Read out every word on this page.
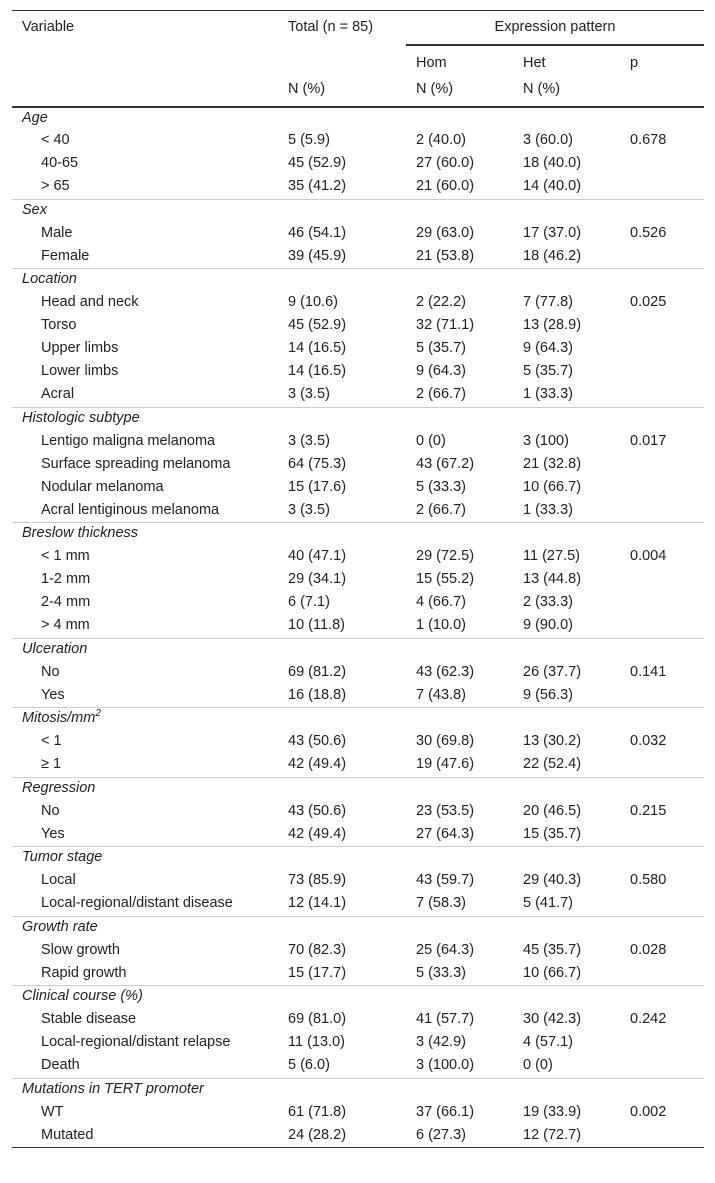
Variable	Total (n = 85)	Expression pattern		
		Hom	Het	p
	N (%)	N (%)	N (%)	
Age				
< 40	5 (5.9)	2 (40.0)	3 (60.0)	0.678
40-65	45 (52.9)	27 (60.0)	18 (40.0)	
> 65	35 (41.2)	21 (60.0)	14 (40.0)	
Sex				
Male	46 (54.1)	29 (63.0)	17 (37.0)	0.526
Female	39 (45.9)	21 (53.8)	18 (46.2)	
Location				
Head and neck	9 (10.6)	2 (22.2)	7 (77.8)	0.025
Torso	45 (52.9)	32 (71.1)	13 (28.9)	
Upper limbs	14 (16.5)	5 (35.7)	9 (64.3)	
Lower limbs	14 (16.5)	9 (64.3)	5 (35.7)	
Acral	3 (3.5)	2 (66.7)	1 (33.3)	
Histologic subtype				
Lentigo maligna melanoma	3 (3.5)	0 (0)	3 (100)	0.017
Surface spreading melanoma	64 (75.3)	43 (67.2)	21 (32.8)	
Nodular melanoma	15 (17.6)	5 (33.3)	10 (66.7)	
Acral lentiginous melanoma	3 (3.5)	2 (66.7)	1 (33.3)	
Breslow thickness				
< 1 mm	40 (47.1)	29 (72.5)	11 (27.5)	0.004
1-2 mm	29 (34.1)	15 (55.2)	13 (44.8)	
2-4 mm	6 (7.1)	4 (66.7)	2 (33.3)	
> 4 mm	10 (11.8)	1 (10.0)	9 (90.0)	
Ulceration				
No	69 (81.2)	43 (62.3)	26 (37.7)	0.141
Yes	16 (18.8)	7 (43.8)	9 (56.3)	
Mitosis/$mm^2$
< 1	43 (50.6)	30 (69.8)	13 (30.2)	0.032
≥ 1	42 (49.4)	19 (47.6)	22 (52.4)	
Regression				
No	43 (50.6)	23 (53.5)	20 (46.5)	0.215
Yes	42 (49.4)	27 (64.3)	15 (35.7)	
Tumor stage				
Local	73 (85.9)	43 (59.7)	29 (40.3)	0.580
Local-regional/distant disease	12 (14.1)	7 (58.3)	5 (41.7)	
Growth rate				
Slow growth	70 (82.3)	25 (64.3)	45 (35.7)	0.028
Rapid growth	15 (17.7)	5 (33.3)	10 (66.7)	
Clinical course (%)				
Stable disease	69 (81.0)	41 (57.7)	30 (42.3)	0.242
Local-regional/distant relapse	11 (13.0)	3 (42.9)	4 (57.1)	
Death	5 (6.0)	3 (100.0)	0 (0)	
Mutations in TERT promoter				
WT	61 (71.8)	37 (66.1)	19 (33.9)	0.002
Mutated	24 (28.2)	6 (27.3)	12 (72.7)	
